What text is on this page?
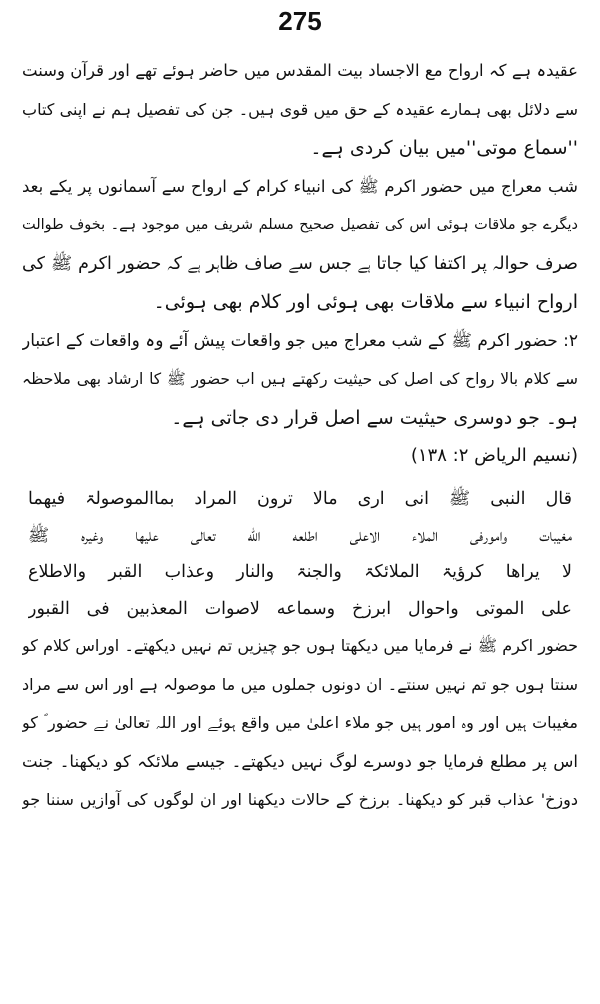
275
عقیدہ ہے کہ ارواح مع الاجساد بیت المقدس میں حاضر ہوئے تھے اور قرآن وسنت
سے دلائل بھی ہمارے عقیدہ کے حق میں قوی ہیں۔ جن کی تفصیل ہم نے اپنی کتاب
''سماع موتی''میں بیان کردی ہے۔
شب معراج میں حضور اکرم ﷺ کی انبیاء کرام کے ارواح سے آسمانوں پر یکے بعد
دیگرے جو ملاقات ہوئی اس کی تفصیل صحیح مسلم شریف میں موجود ہے۔ بخوف طوالت
صرف حوالہ پر اکتفا کیا جاتا ہے جس سے صاف ظاہر ہے کہ حضور اکرم ﷺ کی
ارواح انبیاء سے ملاقات بھی ہوئی اور کلام بھی ہوئی۔
۲: حضور اکرم ﷺ کے شب معراج میں جو واقعات پیش آئے وہ واقعات کے اعتبار
سے کلام بالا رواح کی اصل کی حیثیت رکھتے ہیں اب حضور ﷺ کا ارشاد بھی ملاحظہ
ہو۔ جو دوسری حیثیت سے اصل قرار دی جاتی ہے۔
(نسیم الریاض ۲: ۱۳۸)
قال النبی ﷺ انی اری مالا ترون المراد بماالموصولۃ فیھما
مغیبات وامورفی الملاء الاعلی اطلعه الله تعالی علیھا وغیرہ ﷺ
لا یراھا کرؤیۃ الملائکۃ والجنۃ والنار وعذاب القبر والاطلاع
علی الموتی واحوال ابرزخ وسماعه لاصوات المعذبین فی القبور
حضور اکرم ﷺ نے فرمایا میں دیکھتا ہوں جو چیزیں تم نہیں دیکھتے۔ اوراس کلام کو
سنتا ہوں جو تم نہیں سنتے۔ ان دونوں جملوں میں ما موصولہ ہے اور اس سے مراد
مغیبات ہیں اور وہ امور ہیں جو ملاء اعلیٰ میں واقع ہوئے اور اللہ تعالیٰ نے حضور ؐ کو
اس پر مطلع فرمایا جو دوسرے لوگ نہیں دیکھتے۔ جیسے ملائکہ کو دیکھنا۔ جنت
دوزخ' عذاب قبر کو دیکھنا۔ برزخ کے حالات دیکھنا اور ان لوگوں کی آوازیں سننا جو
